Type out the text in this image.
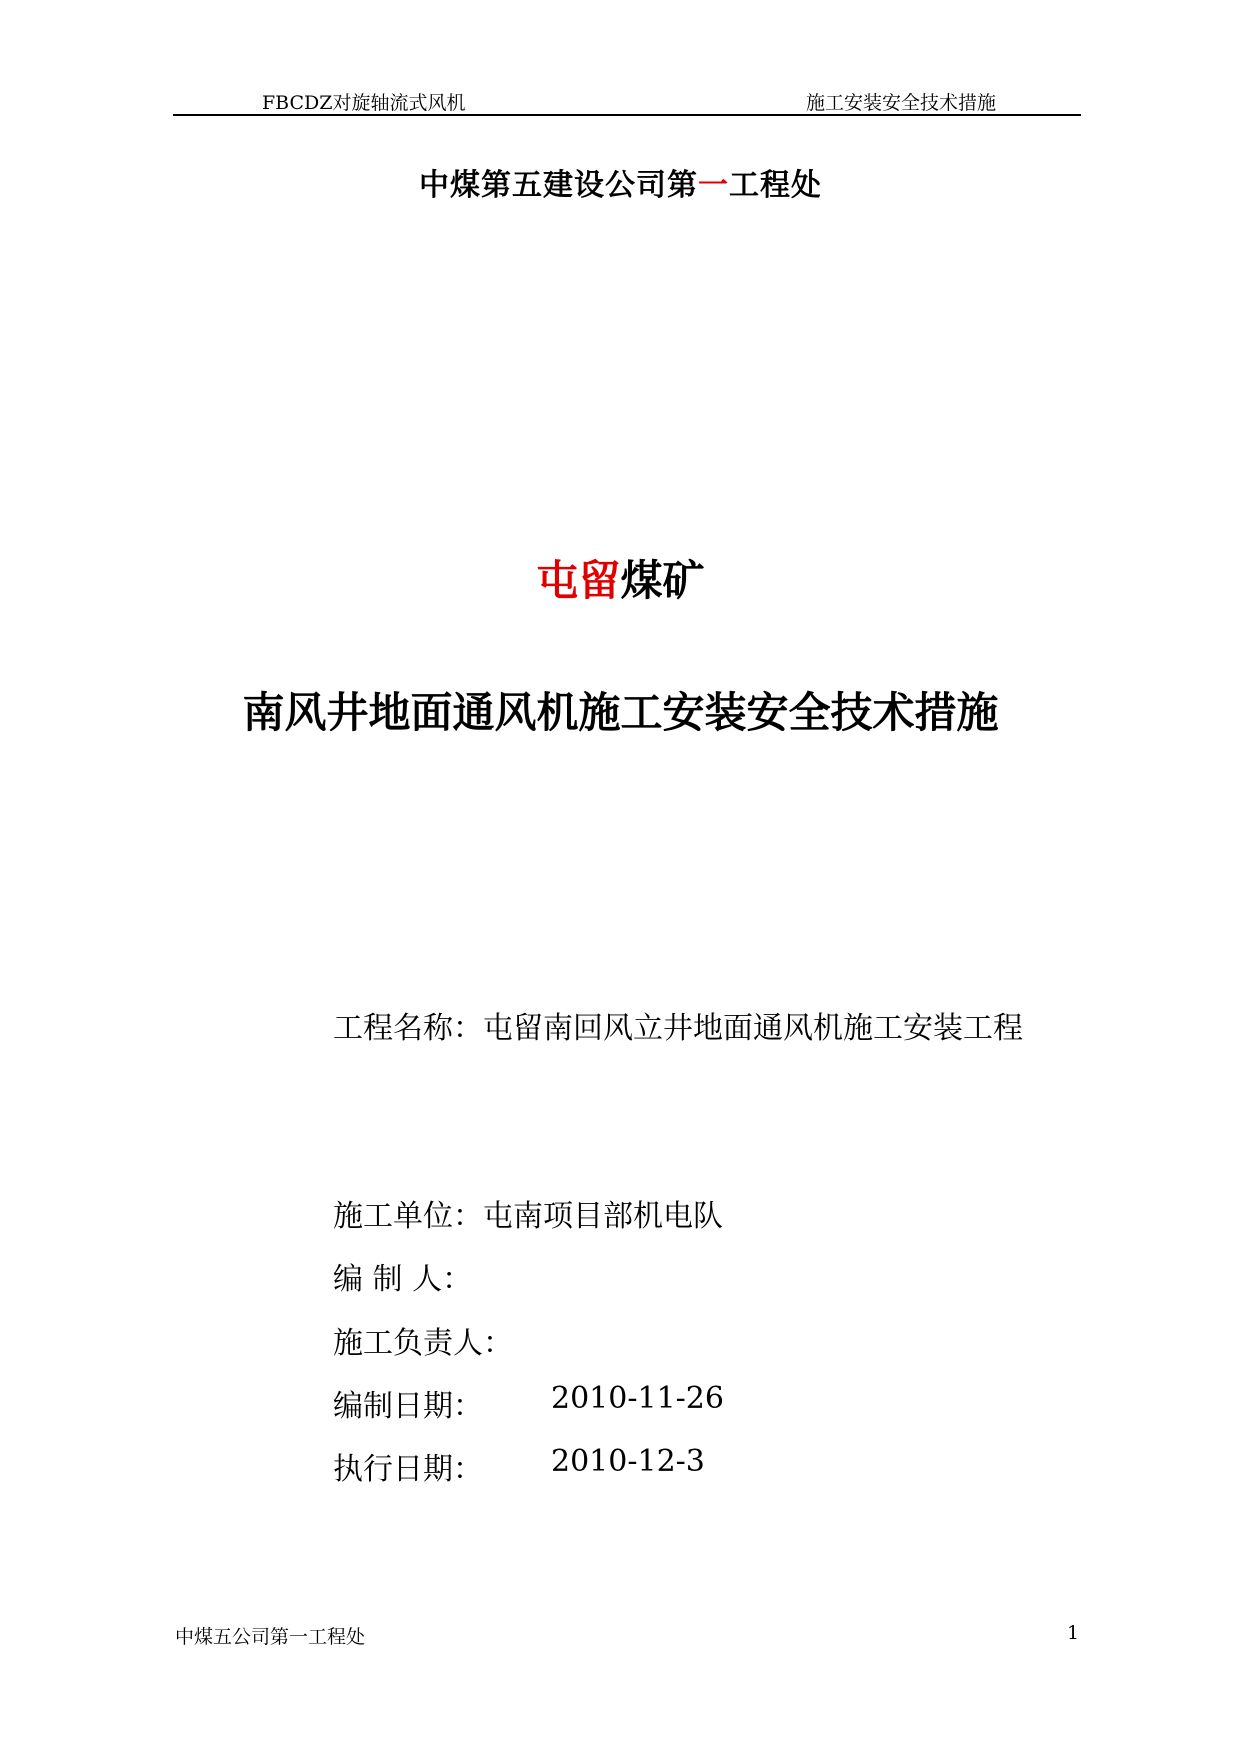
FBCDZ对旋轴流式风机	施工安装安全技术措施
中煤第五建设公司第一工程处
屯留煤矿
南风井地面通风机施工安装安全技术措施
工程名称：屯留南回风立井地面通风机施工安装工程
施工单位：屯南项目部机电队
编 制 人：
施工负责人：
编制日期： 2010-11-26
执行日期： 2010-12-3
中煤五公司第一工程处	1
